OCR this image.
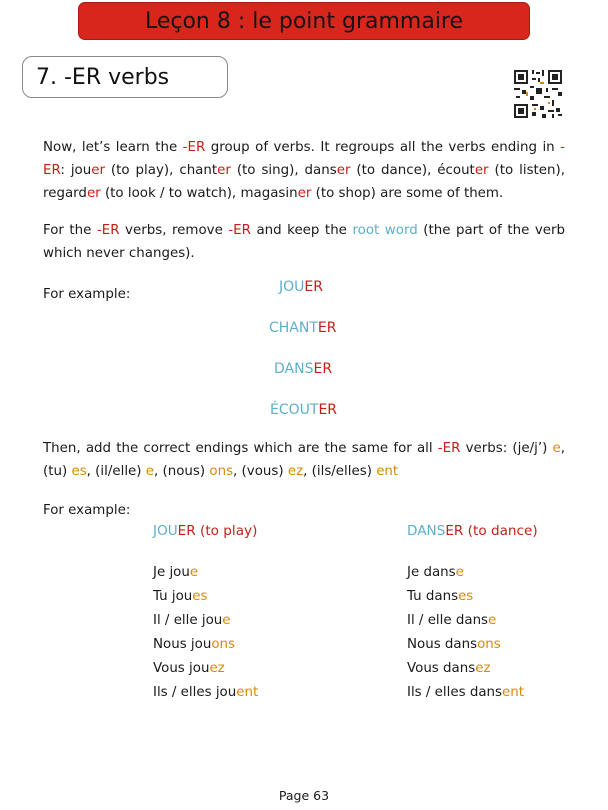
Leçon 8 : le point grammaire
7. -ER verbs

Now, let’s learn the -ER group of verbs. It regroups all the verbs ending in -ER: jouer (to play), chanter (to sing), danser (to dance), écouter (to listen), regarder (to look / to watch), magasiner (to shop) are some of them.

For the -ER verbs, remove -ER and keep the root word (the part of the verb which never changes).

For example:	JOUER
CHANTER
DANSER
ÉCOUTER

Then, add the correct endings which are the same for all -ER verbs: (je/j’) e, (tu) es, (il/elle) e, (nous) ons, (vous) ez, (ils/elles) ent

For example:
JOUER (to play)	DANSER (to dance)
Je joue
Tu joues
Il / elle joue
Nous jouons
Vous jouez
Ils / elles jouent
Je danse
Tu danses
Il / elle danse
Nous dansons
Vous dansez
Ils / elles dansent
Page 63
